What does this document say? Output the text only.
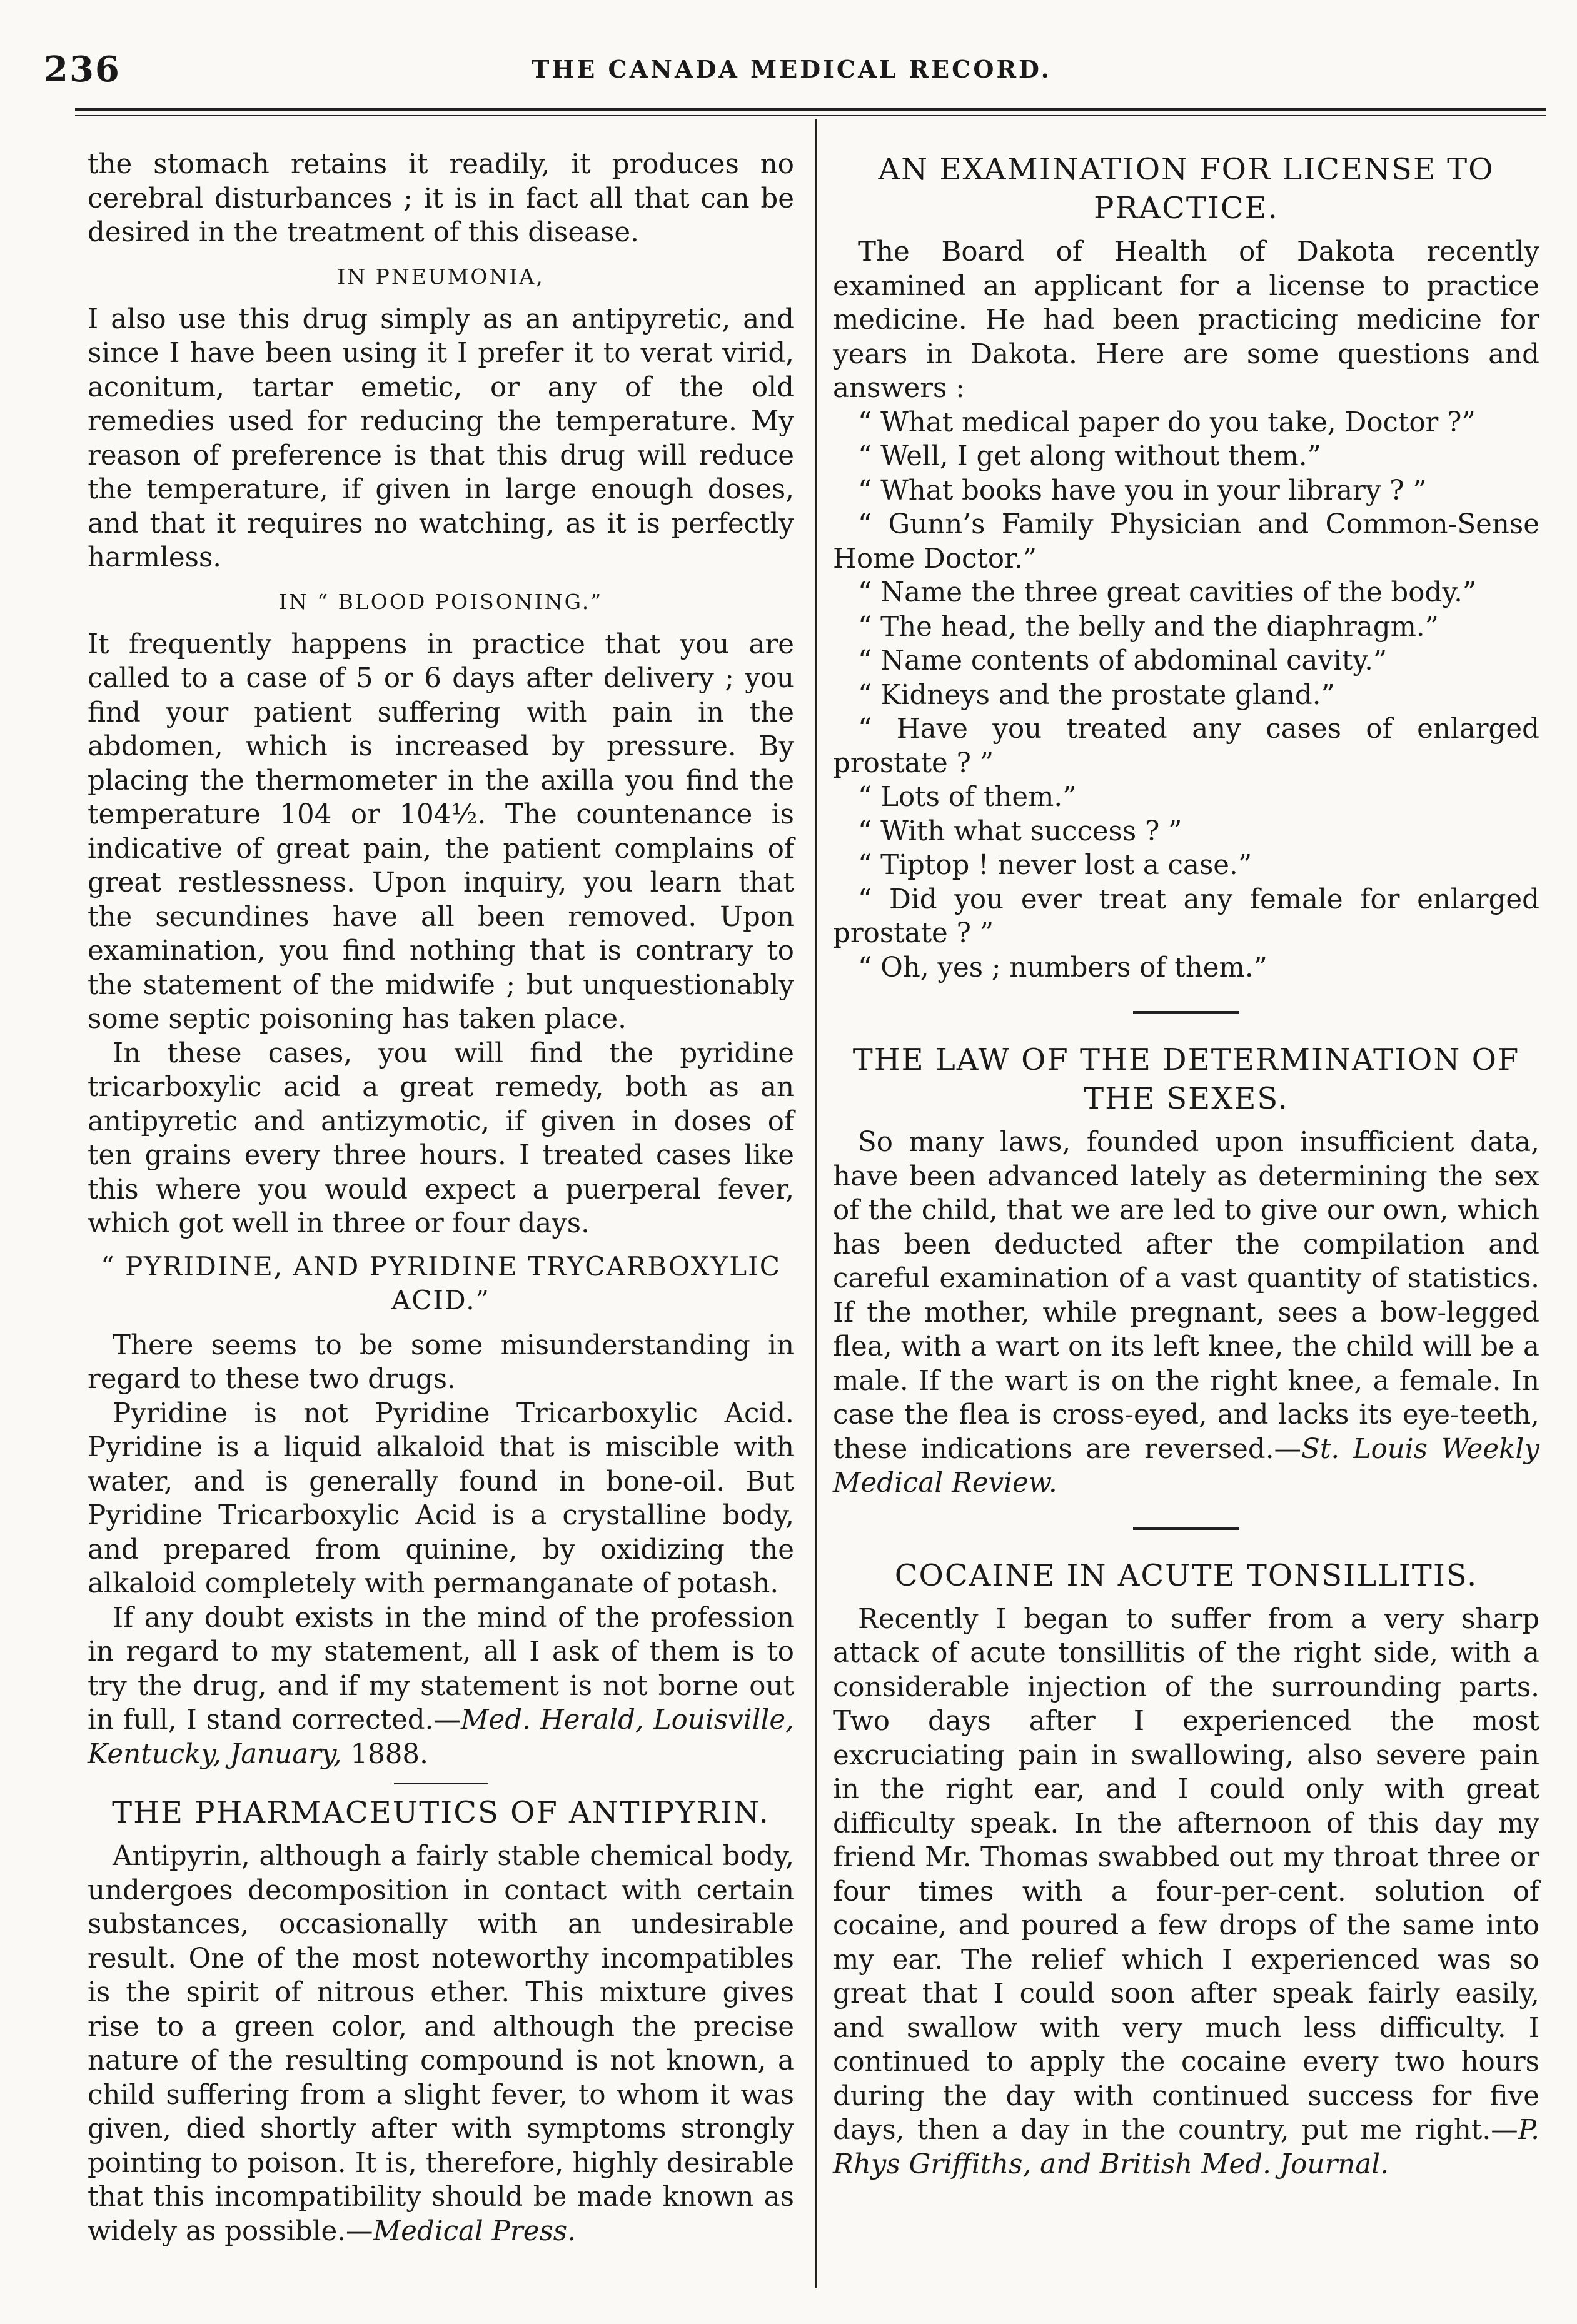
236	THE CANADA MEDICAL RECORD.

the stomach retains it readily, it produces no cerebral disturbances ; it is in fact all that can be desired in the treatment of this disease.

IN PNEUMONIA,

I also use this drug simply as an antipyretic, and since I have been using it I prefer it to verat virid, aconitum, tartar emetic, or any of the old remedies used for reducing the temperature. My reason of preference is that this drug will reduce the temperature, if given in large enough doses, and that it requires no watching, as it is perfectly harmless.

IN “ BLOOD POISONING.”

It frequently happens in practice that you are called to a case of 5 or 6 days after delivery ; you find your patient suffering with pain in the abdomen, which is increased by pressure. By placing the thermometer in the axilla you find the temperature 104 or 104½. The countenance is indicative of great pain, the patient complains of great restlessness. Upon inquiry, you learn that the secundines have all been removed. Upon examination, you find nothing that is contrary to the statement of the midwife ; but unquestionably some septic poisoning has taken place.

In these cases, you will find the pyridine tricarboxylic acid a great remedy, both as an antipyretic and antizymotic, if given in doses of ten grains every three hours. I treated cases like this where you would expect a puerperal fever, which got well in three or four days.

“ PYRIDINE, AND PYRIDINE TRYCARBOXYLIC ACID.”

There seems to be some misunderstanding in regard to these two drugs.

Pyridine is not Pyridine Tricarboxylic Acid. Pyridine is a liquid alkaloid that is miscible with water, and is generally found in bone-oil. But Pyridine Tricarboxylic Acid is a crystalline body, and prepared from quinine, by oxidizing the alkaloid completely with permanganate of potash.

If any doubt exists in the mind of the profession in regard to my statement, all I ask of them is to try the drug, and if my statement is not borne out in full, I stand corrected.—Med. Herald, Louisville, Kentucky, January, 1888.

THE PHARMACEUTICS OF ANTIPYRIN.

Antipyrin, although a fairly stable chemical body, undergoes decomposition in contact with certain substances, occasionally with an undesirable result. One of the most noteworthy incompatibles is the spirit of nitrous ether. This mixture gives rise to a green color, and although the precise nature of the resulting compound is not known, a child suffering from a slight fever, to whom it was given, died shortly after with symptoms strongly pointing to poison. It is, therefore, highly desirable that this incompatibility should be made known as widely as possible.—Medical Press.

AN EXAMINATION FOR LICENSE TO PRACTICE.

The Board of Health of Dakota recently examined an applicant for a license to practice medicine. He had been practicing medicine for years in Dakota. Here are some questions and answers :

“ What medical paper do you take, Doctor ?”
“ Well, I get along without them.”
“ What books have you in your library ? ”
“ Gunn’s Family Physician and Common-Sense Home Doctor.”
“ Name the three great cavities of the body.”
“ The head, the belly and the diaphragm.”
“ Name contents of abdominal cavity.”
“ Kidneys and the prostate gland.”
“ Have you treated any cases of enlarged prostate ? ”
“ Lots of them.”
“ With what success ? ”
“ Tiptop ! never lost a case.”
“ Did you ever treat any female for enlarged prostate ? ”
“ Oh, yes ; numbers of them.”
THE LAW OF THE DETERMINATION OF THE SEXES.

So many laws, founded upon insufficient data, have been advanced lately as determining the sex of the child, that we are led to give our own, which has been deducted after the compilation and careful examination of a vast quantity of statistics. If the mother, while pregnant, sees a bow-legged flea, with a wart on its left knee, the child will be a male. If the wart is on the right knee, a female. In case the flea is cross-eyed, and lacks its eye-teeth, these indications are reversed.—St. Louis Weekly Medical Review.

COCAINE IN ACUTE TONSILLITIS.

Recently I began to suffer from a very sharp attack of acute tonsillitis of the right side, with a considerable injection of the surrounding parts. Two days after I experienced the most excruciating pain in swallowing, also severe pain in the right ear, and I could only with great difficulty speak. In the afternoon of this day my friend Mr. Thomas swabbed out my throat three or four times with a four-per-cent. solution of cocaine, and poured a few drops of the same into my ear. The relief which I experienced was so great that I could soon after speak fairly easily, and swallow with very much less difficulty. I continued to apply the cocaine every two hours during the day with continued success for five days, then a day in the country, put me right.—P. Rhys Griffiths, and British Med. Journal.
